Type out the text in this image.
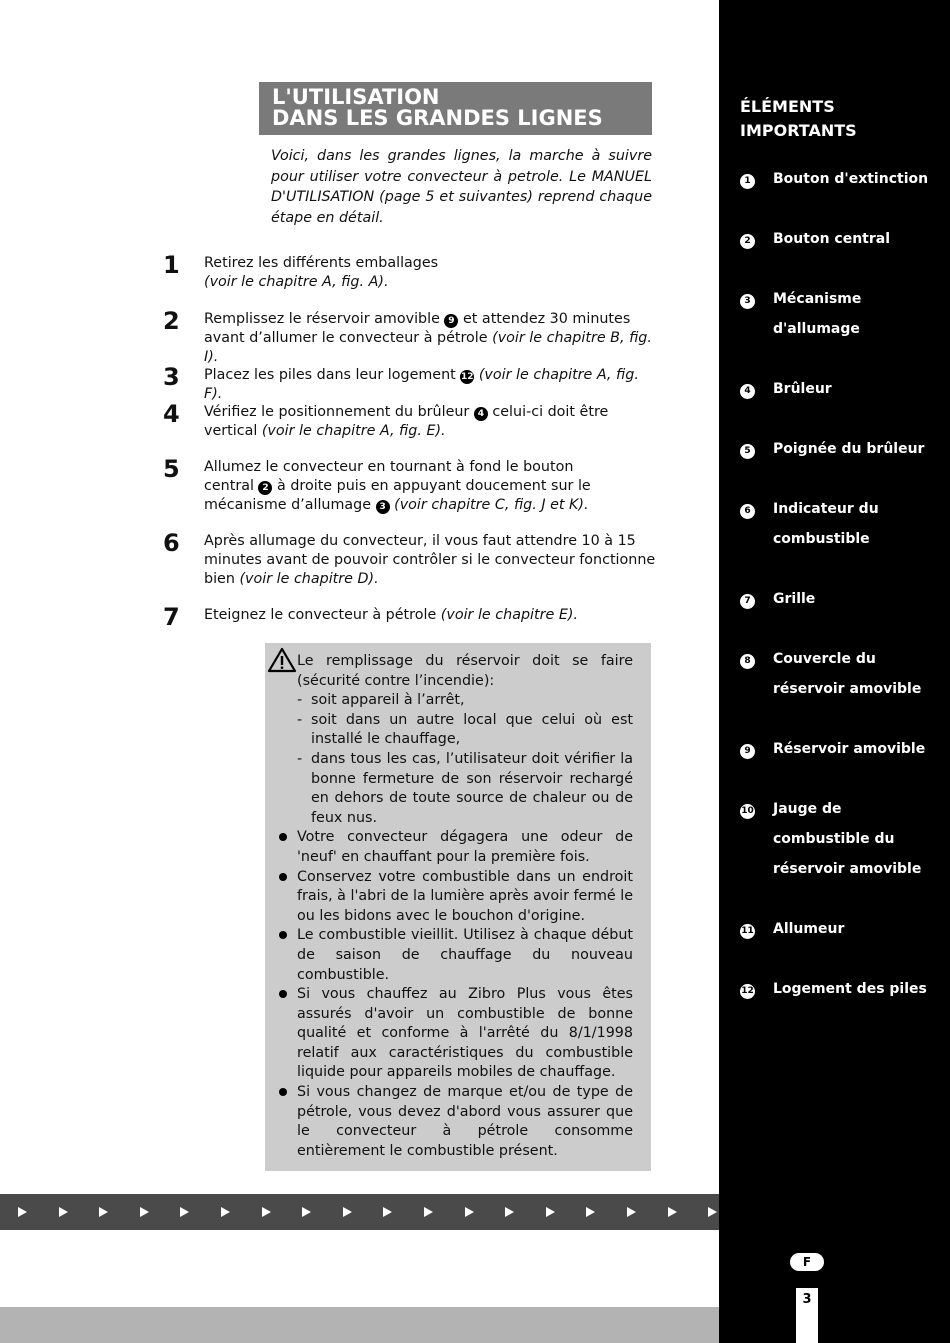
L'UTILISATION
DANS LES GRANDES LIGNES
Voici, dans les grandes lignes, la marche à suivre pour utiliser votre convecteur à petrole. Le MANUEL D'UTILISATION (page 5 et suivantes) reprend chaque étape en détail.
1 Retirez les différents emballages
(voir le chapitre A, fig. A).
2 Remplissez le réservoir amovible 9 et attendez 30 minutes
avant d’allumer le convecteur à pétrole (voir le chapitre B, fig. I).
3 Placez les piles dans leur logement 12 (voir le chapitre A, fig. F).
4 Vérifiez le positionnement du brûleur 4 celui-ci doit être
vertical (voir le chapitre A, fig. E).
5 Allumez le convecteur en tournant à fond le bouton
central 2 à droite puis en appuyant doucement sur le
mécanisme d’allumage 3 (voir chapitre C, fig. J et K).
6 Après allumage du convecteur, il vous faut attendre 10 à 15
minutes avant de pouvoir contrôler si le convecteur fonctionne
bien (voir le chapitre D).
7 Eteignez le convecteur à pétrole (voir le chapitre E).
Le remplissage du réservoir doit se faire (sécurité contre l’incendie):
- soit appareil à l’arrêt,
- soit dans un autre local que celui où est installé le chauffage,
- dans tous les cas, l’utilisateur doit vérifier la bonne fermeture de son réservoir rechargé en dehors de toute source de chaleur ou de feux nus.
Votre convecteur dégagera une odeur de 'neuf' en chauffant pour la première fois.
Conservez votre combustible dans un endroit frais, à l'abri de la lumière après avoir fermé le ou les bidons avec le bouchon d'origine.
Le combustible vieillit. Utilisez à chaque début de saison de chauffage du nouveau combustible.
Si vous chauffez au Zibro Plus vous êtes assurés d'avoir un combustible de bonne qualité et conforme à l'arrêté du 8/1/1998 relatif aux caractéristiques du combustible liquide pour appareils mobiles de chauffage.
Si vous changez de marque et/ou de type de pétrole, vous devez d'abord vous assurer que le convecteur à pétrole consomme entièrement le combustible présent.
ÉLÉMENTS
IMPORTANTS
1	Bouton d'extinction
2	Bouton central
3	Mécanisme d'allumage
4	Brûleur
5	Poignée du brûleur
6	Indicateur du combustible
7	Grille
8	Couvercle du réservoir amovible
9	Réservoir amovible
10 Jauge de combustible du réservoir amovible
11 Allumeur
12 Logement des piles
F
3
